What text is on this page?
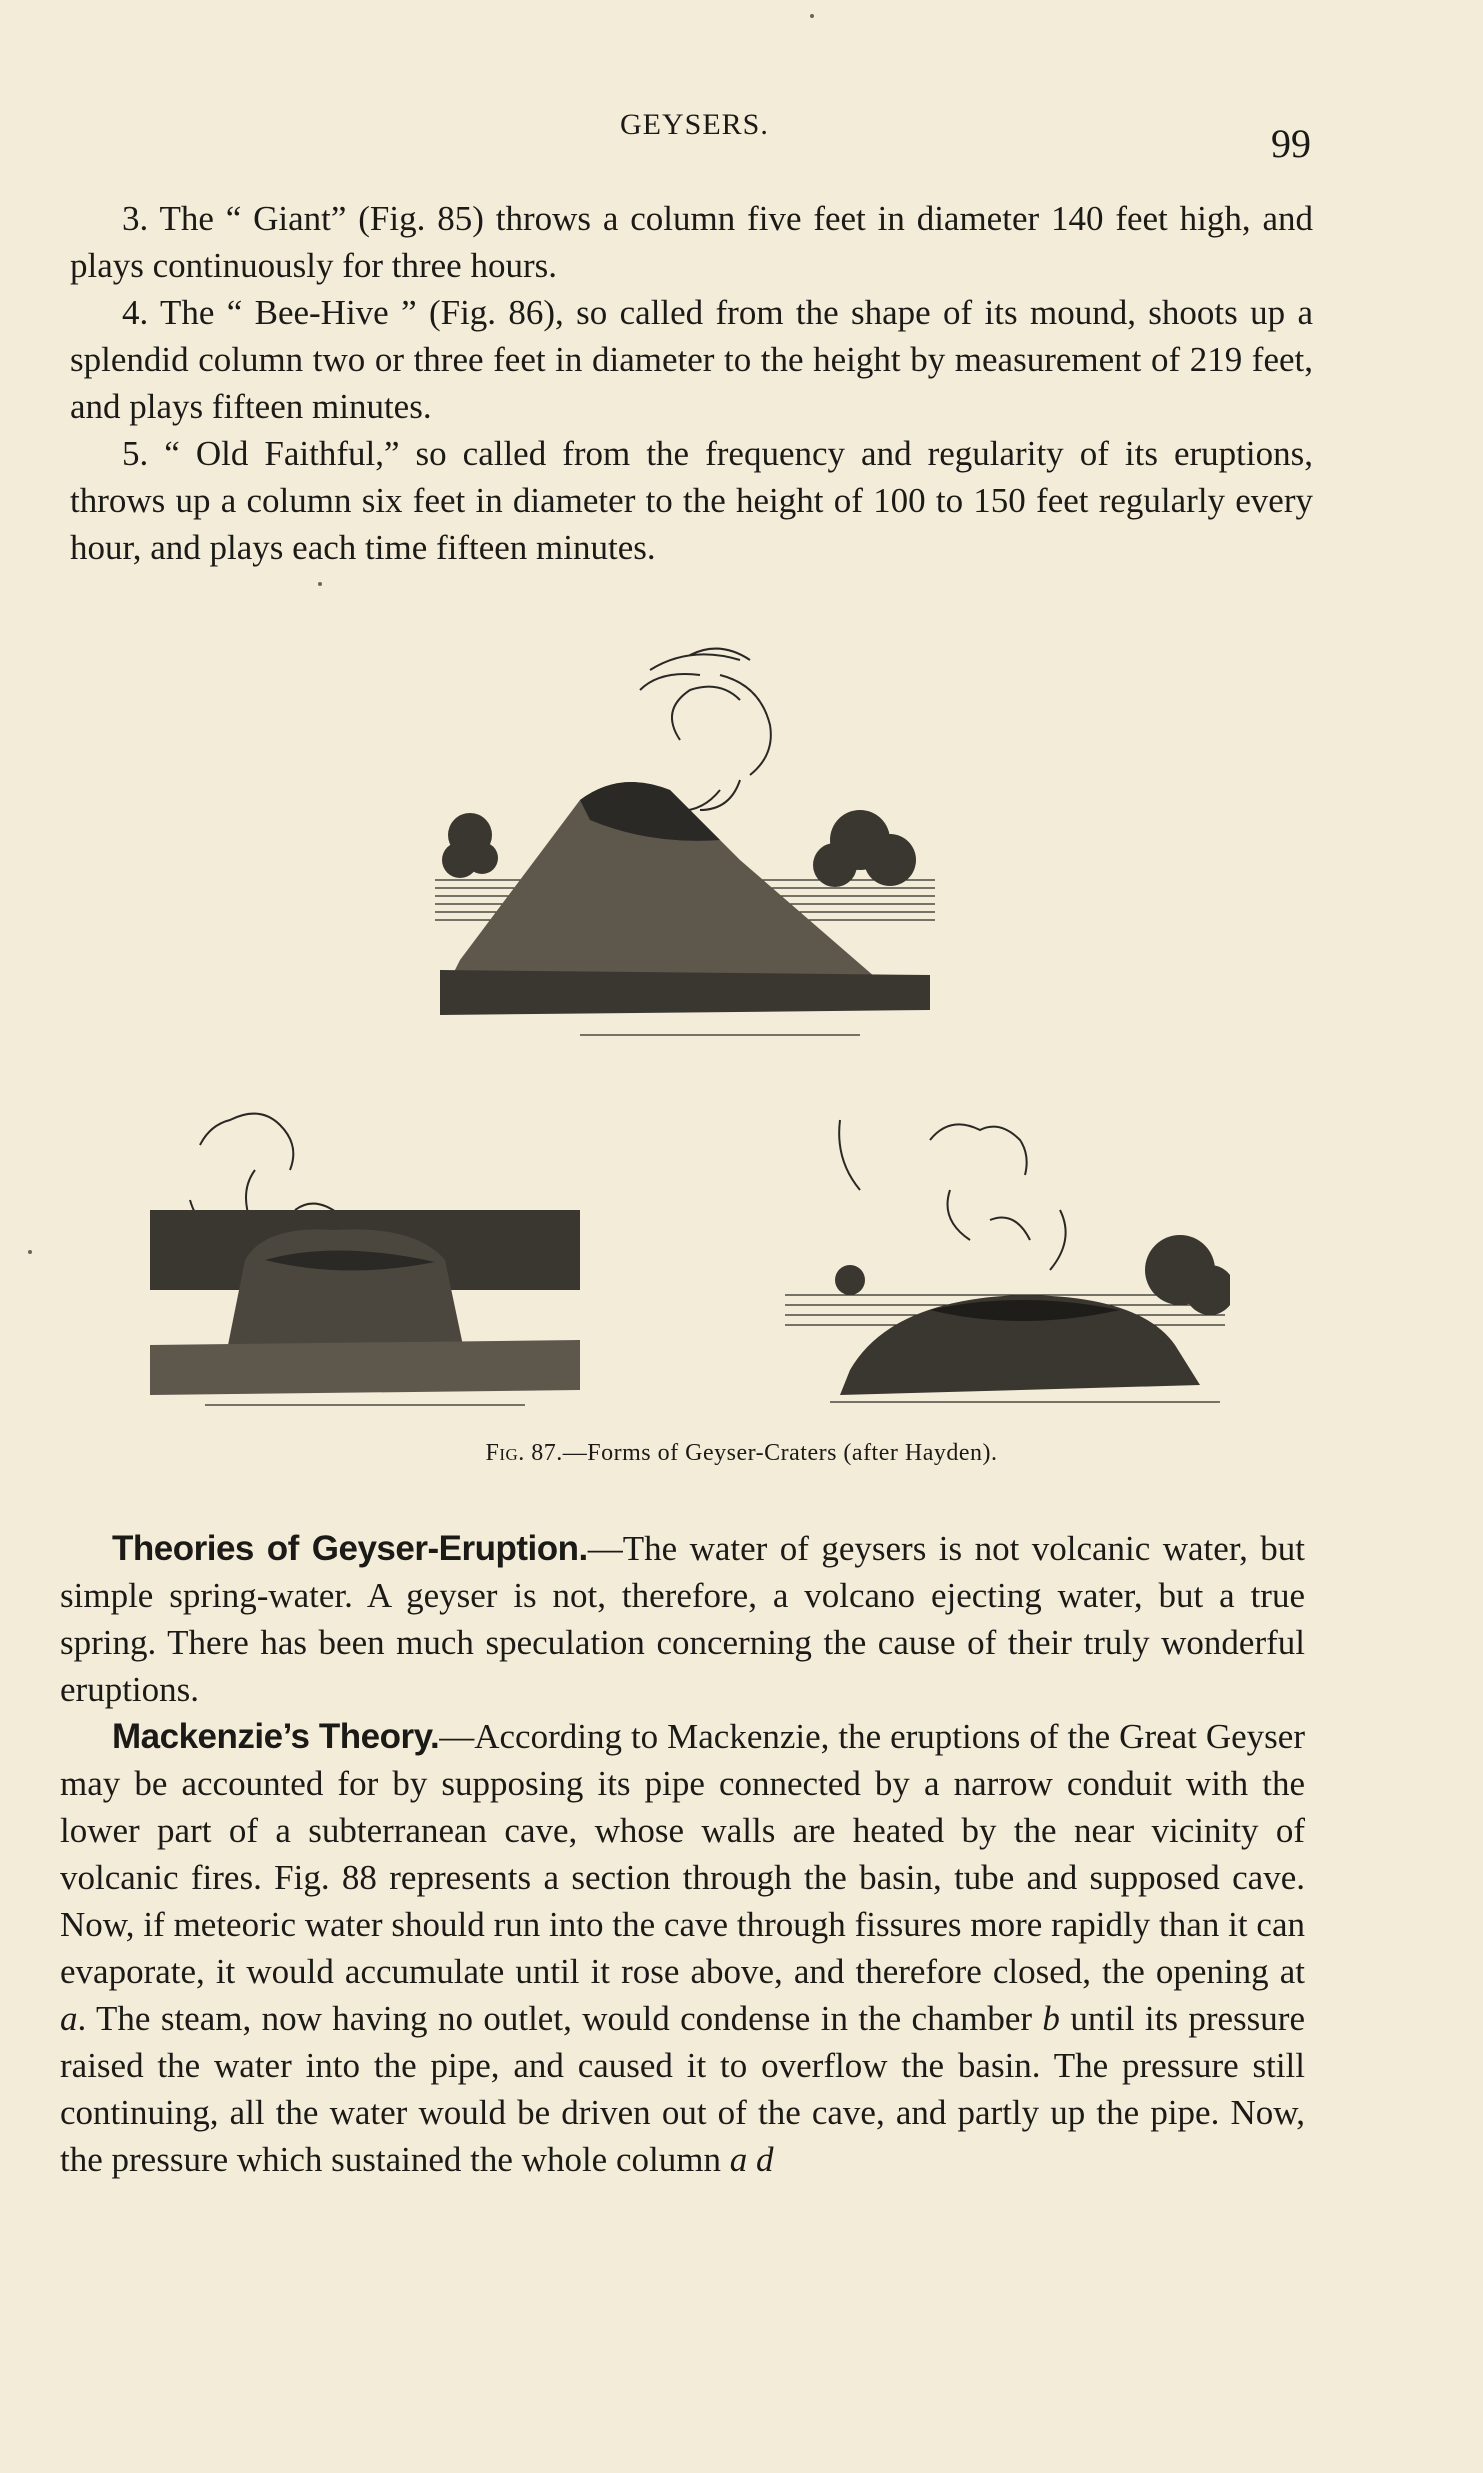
GEYSERS.	99

3. The “ Giant” (Fig. 85) throws a column five feet in diameter 140 feet high, and plays continuously for three hours.

4. The “ Bee-Hive ” (Fig. 86), so called from the shape of its mound, shoots up a splendid column two or three feet in diameter to the height by measurement of 219 feet, and plays fifteen minutes.

5. “ Old Faithful,” so called from the frequency and regularity of its eruptions, throws up a column six feet in diameter to the height of 100 to 150 feet regularly every hour, and plays each time fifteen minutes.

Fig. 87.—Forms of Geyser-Craters (after Hayden).

Theories of Geyser-Eruption.—The water of geysers is not volcanic water, but simple spring-water. A geyser is not, therefore, a volcano ejecting water, but a true spring. There has been much speculation concerning the cause of their truly wonderful eruptions.

Mackenzie’s Theory.—According to Mackenzie, the eruptions of the Great Geyser may be accounted for by supposing its pipe connected by a narrow conduit with the lower part of a subterranean cave, whose walls are heated by the near vicinity of volcanic fires. Fig. 88 represents a section through the basin, tube and supposed cave. Now, if meteoric water should run into the cave through fissures more rapidly than it can evaporate, it would accumulate until it rose above, and therefore closed, the opening at a. The steam, now having no outlet, would condense in the chamber b until its pressure raised the water into the pipe, and caused it to overflow the basin. The pressure still continuing, all the water would be driven out of the cave, and partly up the pipe. Now, the pressure which sustained the whole column a d
